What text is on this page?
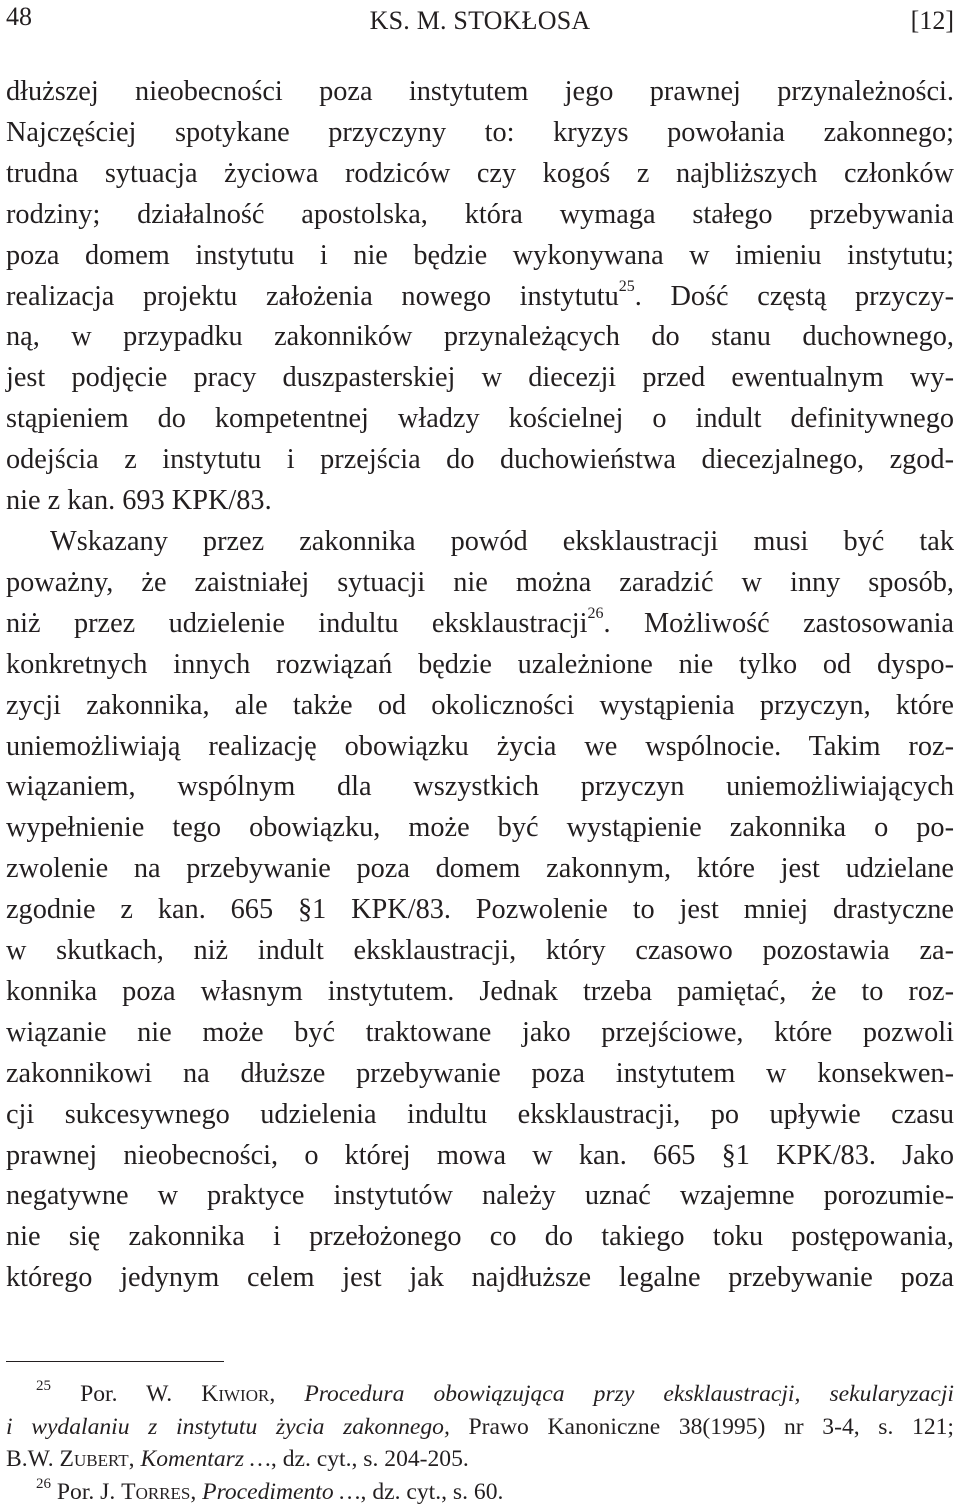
48	KS. M. STOKŁOSA	[12]
dłuższej nieobecności poza instytutem jego prawnej przynależności.
Najczęściej spotykane przyczyny to: kryzys powołania zakonnego;
trudna sytuacja życiowa rodziców czy kogoś z najbliższych członków
rodziny; działalność apostolska, która wymaga stałego przebywania
poza domem instytutu i nie będzie wykonywana w imieniu instytutu;
realizacja projektu założenia nowego instytutu$^{25}$. Dość częstą przyczy-
ną, w przypadku zakonników przynależących do stanu duchownego,
jest podjęcie pracy duszpasterskiej w diecezji przed ewentualnym wy-
stąpieniem do kompetentnej władzy kościelnej o indult definitywnego
odejścia z instytutu i przejścia do duchowieństwa diecezjalnego, zgod-
nie z kan. 693 KPK/83.
Wskazany przez zakonnika powód eksklaustracji musi być tak
poważny, że zaistniałej sytuacji nie można zaradzić w inny sposób,
niż przez udzielenie indultu eksklaustracji$^{26}$. Możliwość zastosowania
konkretnych innych rozwiązań będzie uzależnione nie tylko od dyspo-
zycji zakonnika, ale także od okoliczności wystąpienia przyczyn, które
uniemożliwiają realizację obowiązku życia we wspólnocie. Takim roz-
wiązaniem, wspólnym dla wszystkich przyczyn uniemożliwiających
wypełnienie tego obowiązku, może być wystąpienie zakonnika o po-
zwolenie na przebywanie poza domem zakonnym, które jest udzielane
zgodnie z kan. 665 §1 KPK/83. Pozwolenie to jest mniej drastyczne
w skutkach, niż indult eksklaustracji, który czasowo pozostawia za-
konnika poza własnym instytutem. Jednak trzeba pamiętać, że to roz-
wiązanie nie może być traktowane jako przejściowe, które pozwoli
zakonnikowi na dłuższe przebywanie poza instytutem w konsekwen-
cji sukcesywnego udzielenia indultu eksklaustracji, po upływie czasu
prawnej nieobecności, o której mowa w kan. 665 §1 KPK/83. Jako
negatywne w praktyce instytutów należy uznać wzajemne porozumie-
nie się zakonnika i przełożonego co do takiego toku postępowania,
którego jedynym celem jest jak najdłuższe legalne przebywanie poza
$^{25}$ Por. W. Kiwior, Procedura obowiązująca przy eksklaustracji, sekularyzacji
i wydalaniu z instytutu życia zakonnego, Prawo Kanoniczne 38(1995) nr 3-4, s. 121;
B.W. Zubert, Komentarz …, dz. cyt., s. 204-205.
$^{26}$ Por. J. Torres, Procedimento …, dz. cyt., s. 60.
